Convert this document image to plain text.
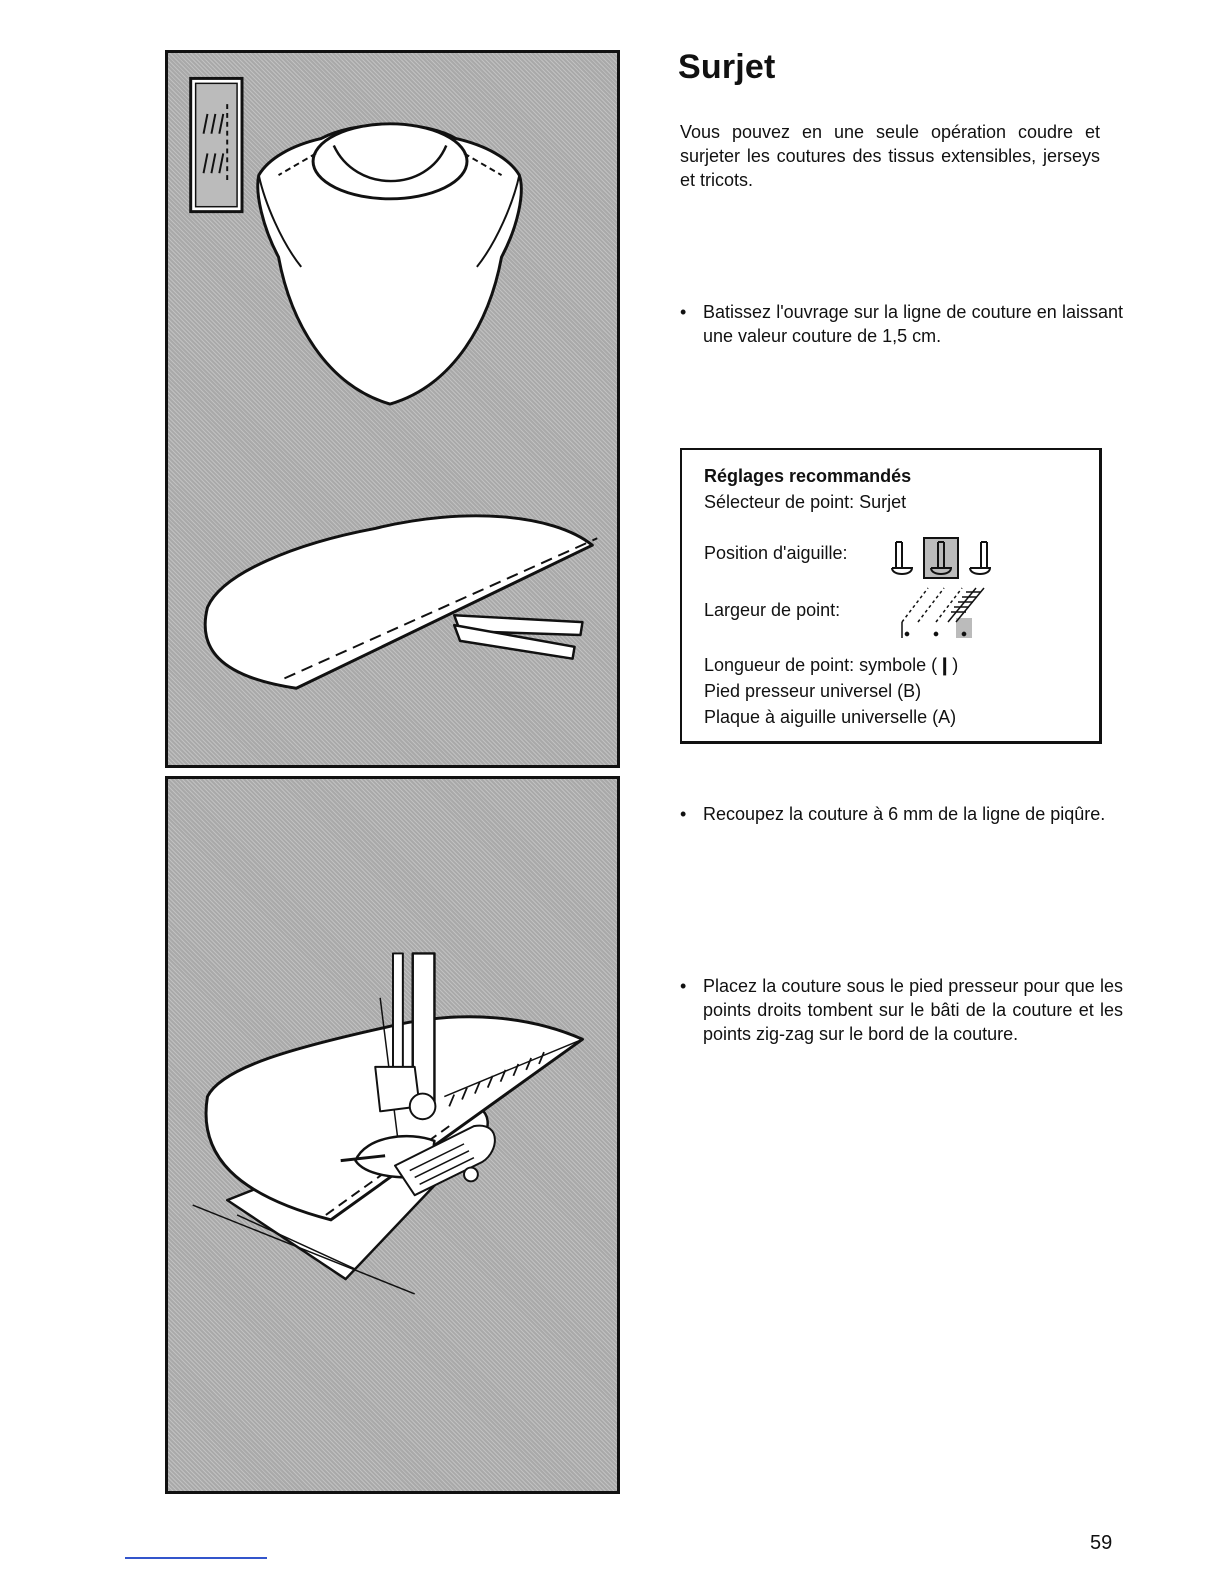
Surjet

Vous pouvez en une seule opération coudre et surjeter les coutures des tissus extensibles, jerseys et tricots.

• Batissez l'ouvrage sur la ligne de couture en laissant une valeur couture de 1,5 cm.

Réglages recommandés
Sélecteur de point: Surjet
Position d'aiguille:
Largeur de point:
Longueur de point: symbole (❙)
Pied presseur universel (B)
Plaque à aiguille universelle (A)

• Recoupez la couture à 6 mm de la ligne de piqûre.

• Placez la couture sous le pied presseur pour que les points droits tombent sur le bâti de la couture et les points zig-zag sur le bord de la couture.

59
